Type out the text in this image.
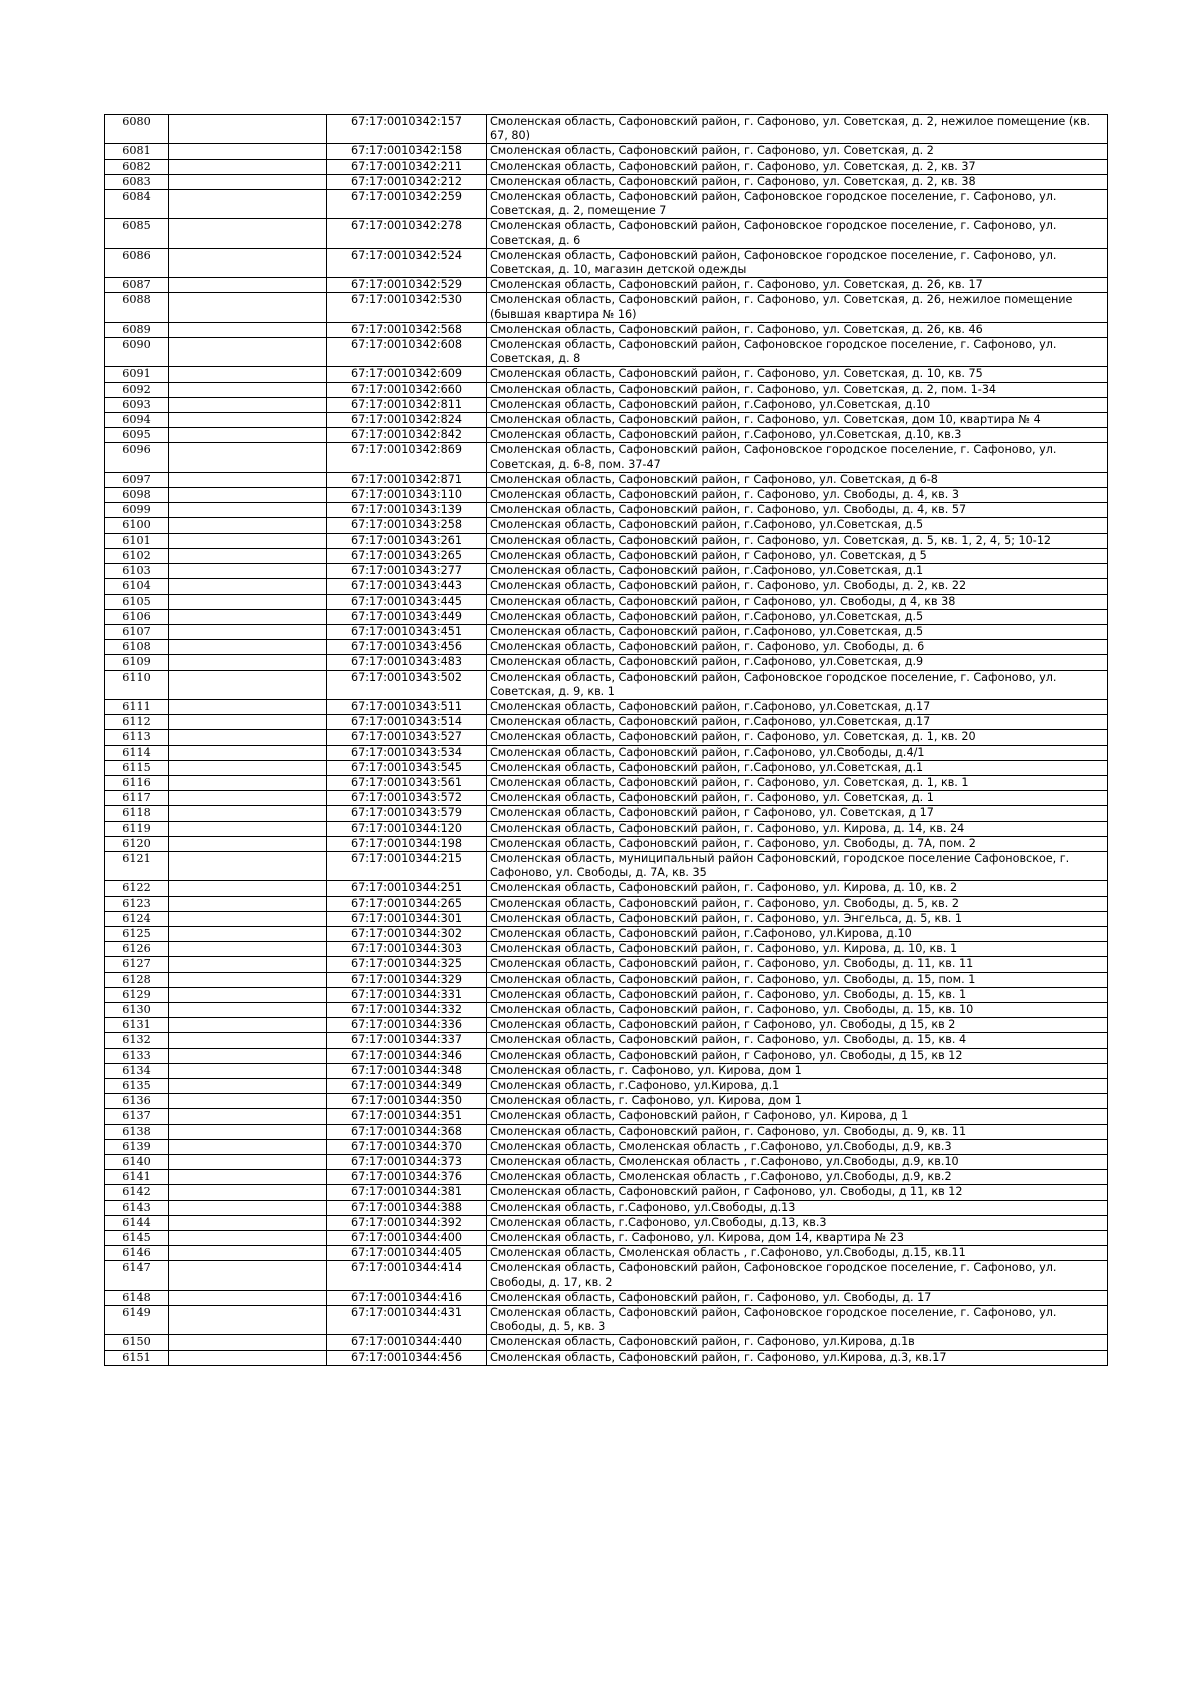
6080		67:17:0010342:157	Смоленская область, Сафоновский район, г. Сафоново, ул. Советская, д. 2, нежилое помещение (кв. 67, 80)
6081		67:17:0010342:158	Смоленская область, Сафоновский район, г. Сафоново, ул. Советская, д. 2
6082		67:17:0010342:211	Смоленская область, Сафоновский район, г. Сафоново, ул. Советская, д. 2, кв. 37
6083		67:17:0010342:212	Смоленская область, Сафоновский район, г. Сафоново, ул. Советская, д. 2, кв. 38
6084		67:17:0010342:259	Смоленская область, Сафоновский район, Сафоновское городское поселение, г. Сафоново, ул. Советская, д. 2, помещение 7
6085		67:17:0010342:278	Смоленская область, Сафоновский район, Сафоновское городское поселение, г. Сафоново, ул. Советская, д. 6
6086		67:17:0010342:524	Смоленская область, Сафоновский район, Сафоновское городское поселение, г. Сафоново, ул. Советская, д. 10, магазин детской одежды
6087		67:17:0010342:529	Смоленская область, Сафоновский район, г. Сафоново, ул. Советская, д. 26, кв. 17
6088		67:17:0010342:530	Смоленская область, Сафоновский район, г. Сафоново, ул. Советская, д. 26, нежилое помещение (бывшая квартира № 16)
6089		67:17:0010342:568	Смоленская область, Сафоновский район, г. Сафоново, ул. Советская, д. 26, кв. 46
6090		67:17:0010342:608	Смоленская область, Сафоновский район, Сафоновское городское поселение, г. Сафоново, ул. Советская, д. 8
6091		67:17:0010342:609	Смоленская область, Сафоновский район, г. Сафоново, ул. Советская, д. 10, кв. 75
6092		67:17:0010342:660	Смоленская область, Сафоновский район, г. Сафоново, ул. Советская, д. 2, пом. 1-34
6093		67:17:0010342:811	Смоленская область, Сафоновский район, г.Сафоново, ул.Советская, д.10
6094		67:17:0010342:824	Смоленская область, Сафоновский район, г. Сафоново, ул. Советская, дом 10, квартира № 4
6095		67:17:0010342:842	Смоленская область, Сафоновский район, г.Сафоново, ул.Советская, д.10, кв.3
6096		67:17:0010342:869	Смоленская область, Сафоновский район, Сафоновское городское поселение, г. Сафоново, ул. Советская, д. 6-8, пом. 37-47
6097		67:17:0010342:871	Смоленская область, Сафоновский район, г Сафоново, ул. Советская, д 6-8
6098		67:17:0010343:110	Смоленская область, Сафоновский район, г. Сафоново, ул. Свободы, д. 4, кв. 3
6099		67:17:0010343:139	Смоленская область, Сафоновский район, г. Сафоново, ул. Свободы, д. 4, кв. 57
6100		67:17:0010343:258	Смоленская область, Сафоновский район, г.Сафоново, ул.Советская, д.5
6101		67:17:0010343:261	Смоленская область, Сафоновский район, г. Сафоново, ул. Советская, д. 5, кв. 1, 2, 4, 5; 10-12
6102		67:17:0010343:265	Смоленская область, Сафоновский район, г Сафоново, ул. Советская, д 5
6103		67:17:0010343:277	Смоленская область, Сафоновский район, г.Сафоново, ул.Советская, д.1
6104		67:17:0010343:443	Смоленская область, Сафоновский район, г. Сафоново, ул. Свободы, д. 2, кв. 22
6105		67:17:0010343:445	Смоленская область, Сафоновский район, г Сафоново, ул. Свободы, д 4, кв 38
6106		67:17:0010343:449	Смоленская область, Сафоновский район, г.Сафоново, ул.Советская, д.5
6107		67:17:0010343:451	Смоленская область, Сафоновский район, г.Сафоново, ул.Советская, д.5
6108		67:17:0010343:456	Смоленская область, Сафоновский район, г. Сафоново, ул. Свободы, д. 6
6109		67:17:0010343:483	Смоленская область, Сафоновский район, г.Сафоново, ул.Советская, д.9
6110		67:17:0010343:502	Смоленская область, Сафоновский район, Сафоновское городское поселение, г. Сафоново, ул. Советская, д. 9, кв. 1
6111		67:17:0010343:511	Смоленская область, Сафоновский район, г.Сафоново, ул.Советская, д.17
6112		67:17:0010343:514	Смоленская область, Сафоновский район, г.Сафоново, ул.Советская, д.17
6113		67:17:0010343:527	Смоленская область, Сафоновский район, г. Сафоново, ул. Советская, д. 1, кв. 20
6114		67:17:0010343:534	Смоленская область, Сафоновский район, г.Сафоново, ул.Свободы, д.4/1
6115		67:17:0010343:545	Смоленская область, Сафоновский район, г.Сафоново, ул.Советская, д.1
6116		67:17:0010343:561	Смоленская область, Сафоновский район, г. Сафоново, ул. Советская, д. 1, кв. 1
6117		67:17:0010343:572	Смоленская область, Сафоновский район, г. Сафоново, ул. Советская, д. 1
6118		67:17:0010343:579	Смоленская область, Сафоновский район, г Сафоново, ул. Советская, д 17
6119		67:17:0010344:120	Смоленская область, Сафоновский район, г. Сафоново, ул. Кирова, д. 14, кв. 24
6120		67:17:0010344:198	Смоленская область, Сафоновский район, г. Сафоново, ул. Свободы, д. 7А, пом. 2
6121		67:17:0010344:215	Смоленская область, муниципальный район Сафоновский, городское поселение Сафоновское, г. Сафоново, ул. Свободы, д. 7А, кв. 35
6122		67:17:0010344:251	Смоленская область, Сафоновский район, г. Сафоново, ул. Кирова, д. 10, кв. 2
6123		67:17:0010344:265	Смоленская область, Сафоновский район, г. Сафоново, ул. Свободы, д. 5, кв. 2
6124		67:17:0010344:301	Смоленская область, Сафоновский район, г. Сафоново, ул. Энгельса, д. 5, кв. 1
6125		67:17:0010344:302	Смоленская область, Сафоновский район, г.Сафоново, ул.Кирова, д.10
6126		67:17:0010344:303	Смоленская область, Сафоновский район, г. Сафоново, ул. Кирова, д. 10, кв. 1
6127		67:17:0010344:325	Смоленская область, Сафоновский район, г. Сафоново, ул. Свободы, д. 11, кв. 11
6128		67:17:0010344:329	Смоленская область, Сафоновский район, г. Сафоново, ул. Свободы, д. 15, пом. 1
6129		67:17:0010344:331	Смоленская область, Сафоновский район, г. Сафоново, ул. Свободы, д. 15, кв. 1
6130		67:17:0010344:332	Смоленская область, Сафоновский район, г. Сафоново, ул. Свободы, д. 15, кв. 10
6131		67:17:0010344:336	Смоленская область, Сафоновский район, г Сафоново, ул. Свободы, д 15, кв 2
6132		67:17:0010344:337	Смоленская область, Сафоновский район, г. Сафоново, ул. Свободы, д. 15, кв. 4
6133		67:17:0010344:346	Смоленская область, Сафоновский район, г Сафоново, ул. Свободы, д 15, кв 12
6134		67:17:0010344:348	Смоленская область, г. Сафоново, ул. Кирова, дом 1
6135		67:17:0010344:349	Смоленская область, г.Сафоново, ул.Кирова, д.1
6136		67:17:0010344:350	Смоленская область, г. Сафоново, ул. Кирова, дом 1
6137		67:17:0010344:351	Смоленская область, Сафоновский район, г Сафоново, ул. Кирова, д 1
6138		67:17:0010344:368	Смоленская область, Сафоновский район, г. Сафоново, ул. Свободы, д. 9, кв. 11
6139		67:17:0010344:370	Смоленская область, Смоленская область , г.Сафоново, ул.Свободы, д.9, кв.3
6140		67:17:0010344:373	Смоленская область, Смоленская область , г.Сафоново, ул.Свободы, д.9, кв.10
6141		67:17:0010344:376	Смоленская область, Смоленская область , г.Сафоново, ул.Свободы, д.9, кв.2
6142		67:17:0010344:381	Смоленская область, Сафоновский район, г Сафоново, ул. Свободы, д 11, кв 12
6143		67:17:0010344:388	Смоленская область, г.Сафоново, ул.Свободы, д.13
6144		67:17:0010344:392	Смоленская область, г.Сафоново, ул.Свободы, д.13, кв.3
6145		67:17:0010344:400	Смоленская область, г. Сафоново, ул. Кирова, дом 14, квартира № 23
6146		67:17:0010344:405	Смоленская область, Смоленская область , г.Сафоново, ул.Свободы, д.15, кв.11
6147		67:17:0010344:414	Смоленская область, Сафоновский район, Сафоновское городское поселение, г. Сафоново, ул. Свободы, д. 17, кв. 2
6148		67:17:0010344:416	Смоленская область, Сафоновский район, г. Сафоново, ул. Свободы, д. 17
6149		67:17:0010344:431	Смоленская область, Сафоновский район, Сафоновское городское поселение, г. Сафоново, ул. Свободы, д. 5, кв. 3
6150		67:17:0010344:440	Смоленская область, Сафоновский район, г. Сафоново, ул.Кирова, д.1в
6151		67:17:0010344:456	Смоленская область, Сафоновский район, г. Сафоново, ул.Кирова, д.3, кв.17
